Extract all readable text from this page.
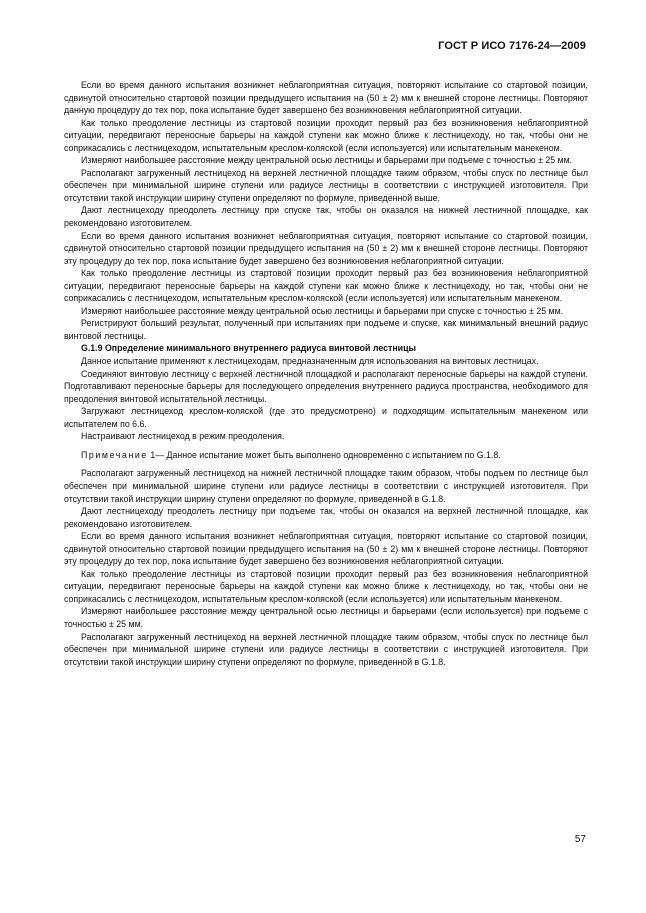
ГОСТ Р ИСО 7176-24—2009

Если во время данного испытания возникнет неблагоприятная ситуация, повторяют испытание со стартовой позиции, сдвинутой относительно стартовой позиции предыдущего испытания на (50 ± 2) мм к внешней стороне лестницы. Повторяют данную процедуру до тех пор, пока испытание будет завершено без возникновения неблагоприятной ситуации.

Как только преодоление лестницы из стартовой позиции проходит первый раз без возникновения неблагоприятной ситуации, передвигают переносные барьеры на каждой ступени как можно ближе к лестницеходу, но так, чтобы они не соприкасались с лестницеходом, испытательным креслом-коляской (если используется) или испытательным манекеном.

Измеряют наибольшее расстояние между центральной осью лестницы и барьерами при подъеме с точностью ± 25 мм.

Располагают загруженный лестницеход на верхней лестничной площадке таким образом, чтобы спуск по лестнице был обеспечен при минимальной ширине ступени или радиусе лестницы в соответствии с инструкцией изготовителя. При отсутствии такой инструкции ширину ступени определяют по формуле, приведенной выше.

Дают лестницеходу преодолеть лестницу при спуске так, чтобы он оказался на нижней лестничной площадке, как рекомендовано изготовителем.

Если во время данного испытания возникнет неблагоприятная ситуация, повторяют испытание со стартовой позиции, сдвинутой относительно стартовой позиции предыдущего испытания на (50 ± 2) мм к внешней стороне лестницы. Повторяют эту процедуру до тех пор, пока испытание будет завершено без возникновения неблагоприятной ситуации.

Как только преодоление лестницы из стартовой позиции проходит первый раз без возникновения неблагоприятной ситуации, передвигают переносные барьеры на каждой ступени как можно ближе к лестницеходу, но так, чтобы они не соприкасались с лестницеходом, испытательным креслом-коляской (если используется) или испытательным манекеном.

Измеряют наибольшее расстояние между центральной осью лестницы и барьерами при спуске с точностью ± 25 мм.

Регистрируют больший результат, полученный при испытаниях при подъеме и спуске, как минимальный внешний радиус винтовой лестницы.

G.1.9 Определение минимального внутреннего радиуса винтовой лестницы

Данное испытание применяют к лестницеходам, предназначенным для использования на винтовых лестницах.

Соединяют винтовую лестницу с верхней лестничной площадкой и располагают переносные барьеры на каждой ступени. Подготавливают переносные барьеры для последующего определения внутреннего радиуса пространства, необходимого для преодоления винтовой испытательной лестницы.

Загружают лестницеход креслом-коляской (где это предусмотрено) и подходящим испытательным манекеном или испытателем по 6.6.

Настраивают лестницеход в режим преодоления.

Примечание 1— Данное испытание может быть выполнено одновременно с испытанием по G.1.8.

Располагают загруженный лестницеход на нижней лестничной площадке таким образом, чтобы подъем по лестнице был обеспечен при минимальной ширине ступени или радиусе лестницы в соответствии с инструкцией изготовителя. При отсутствии такой инструкции ширину ступени определяют по формуле, приведенной в G.1.8.

Дают лестницеходу преодолеть лестницу при подъеме так, чтобы он оказался на верхней лестничной площадке, как рекомендовано изготовителем.

Если во время данного испытания возникнет неблагоприятная ситуация, повторяют испытание со стартовой позиции, сдвинутой относительно стартовой позиции предыдущего испытания на (50 ± 2) мм к внешней стороне лестницы. Повторяют эту процедуру до тех пор, пока испытание будет завершено без возникновения неблагоприятной ситуации.

Как только преодоление лестницы из стартовой позиции проходит первый раз без возникновения неблагоприятной ситуации, передвигают переносные барьеры на каждой ступени как можно ближе к лестницеходу, но так, чтобы они не соприкасались с лестницеходом, испытательным креслом-коляской (если используется) или испытательным манекеном.

Измеряют наибольшее расстояние между центральной осью лестницы и барьерами (если используется) при подъеме с точностью ± 25 мм.

Располагают загруженный лестницеход на верхней лестничной площадке таким образом, чтобы спуск по лестнице был обеспечен при минимальной ширине ступени или радиусе лестницы в соответствии с инструкцией изготовителя. При отсутствии такой инструкции ширину ступени определяют по формуле, приведенной в G.1.8.

57
